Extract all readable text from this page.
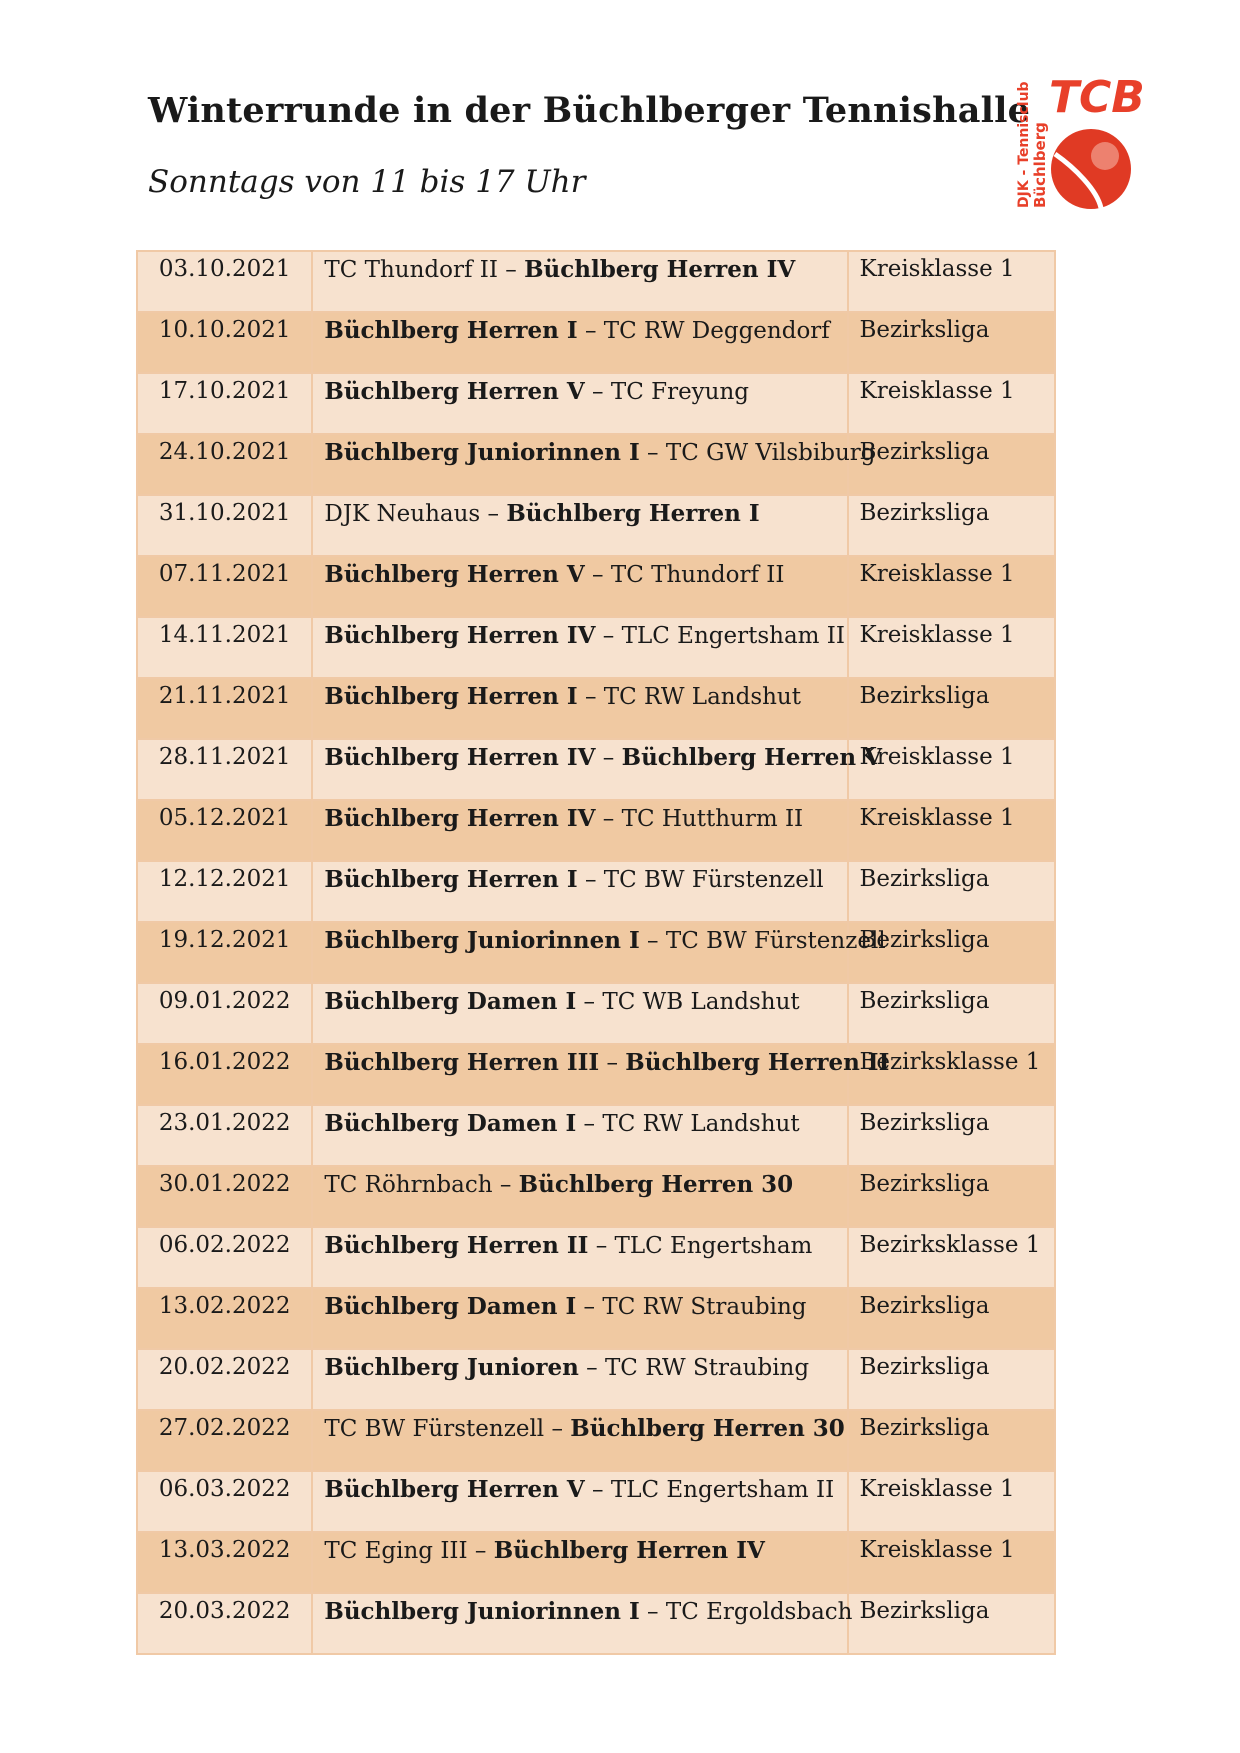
Winterrunde in der Büchlberger Tennishalle
Sonntags von 11 bis 17 Uhr	DJK - Tennisclub Büchlberg
TCB
03.10.2021	TC Thundorf II – Büchlberg Herren IV	Kreisklasse 1

10.10.2021	Büchlberg Herren I – TC RW Deggendorf	Bezirksliga

17.10.2021	Büchlberg Herren V – TC Freyung	Kreisklasse 1

24.10.2021	Büchlberg Juniorinnen I – TC GW Vilsbiburg	Bezirksliga

31.10.2021	DJK Neuhaus – Büchlberg Herren I	Bezirksliga

07.11.2021	Büchlberg Herren V – TC Thundorf II	Kreisklasse 1

14.11.2021	Büchlberg Herren IV – TLC Engertsham II	Kreisklasse 1

21.11.2021	Büchlberg Herren I – TC RW Landshut	Bezirksliga

28.11.2021	Büchlberg Herren IV – Büchlberg Herren V	Kreisklasse 1

05.12.2021	Büchlberg Herren IV – TC Hutthurm II	Kreisklasse 1

12.12.2021	Büchlberg Herren I – TC BW Fürstenzell	Bezirksliga

19.12.2021	Büchlberg Juniorinnen I – TC BW Fürstenzell	Bezirksliga

09.01.2022	Büchlberg Damen I – TC WB Landshut	Bezirksliga

16.01.2022	Büchlberg Herren III – Büchlberg Herren II	Bezirksklasse 1

23.01.2022	Büchlberg Damen I – TC RW Landshut	Bezirksliga

30.01.2022	TC Röhrnbach – Büchlberg Herren 30	Bezirksliga

06.02.2022	Büchlberg Herren II – TLC Engertsham	Bezirksklasse 1

13.02.2022	Büchlberg Damen I – TC RW Straubing	Bezirksliga

20.02.2022	Büchlberg Junioren – TC RW Straubing	Bezirksliga

27.02.2022	TC BW Fürstenzell – Büchlberg Herren 30	Bezirksliga

06.03.2022	Büchlberg Herren V – TLC Engertsham II	Kreisklasse 1

13.03.2022	TC Eging III – Büchlberg Herren IV	Kreisklasse 1

20.03.2022	Büchlberg Juniorinnen I – TC Ergoldsbach	Bezirksliga
